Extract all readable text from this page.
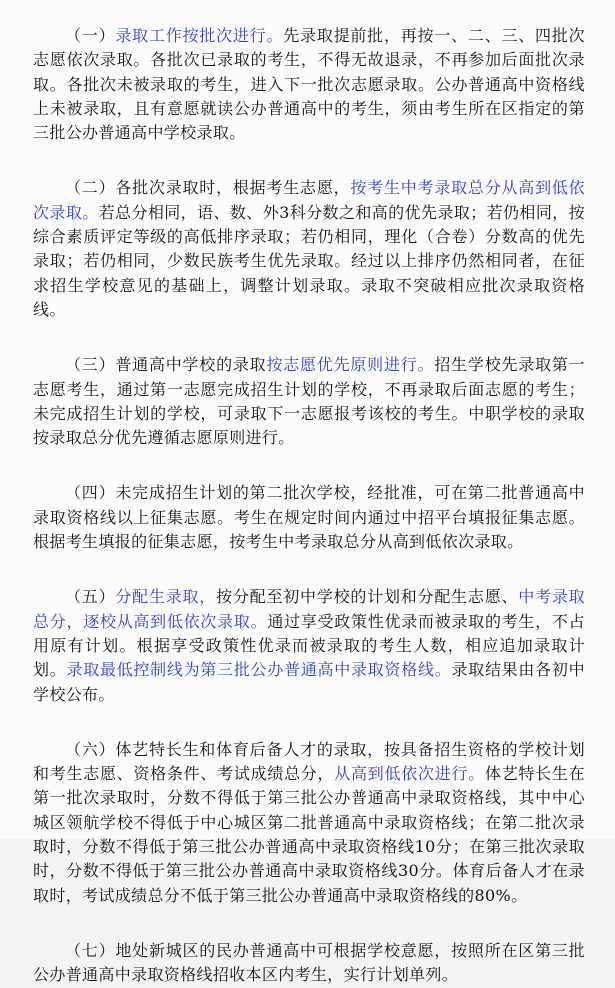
（一）录取工作按批次进行。先录取提前批，再按一、二、三、四批次志愿依次录取。各批次已录取的考生，不得无故退录，不再参加后面批次录取。各批次未被录取的考生，进入下一批次志愿录取。公办普通高中资格线上未被录取，且有意愿就读公办普通高中的考生，须由考生所在区指定的第三批公办普通高中学校录取。

（二）各批次录取时，根据考生志愿，按考生中考录取总分从高到低依次录取。若总分相同，语、数、外3科分数之和高的优先录取；若仍相同，按综合素质评定等级的高低排序录取；若仍相同，理化（合卷）分数高的优先录取；若仍相同，少数民族考生优先录取。经过以上排序仍然相同者，在征求招生学校意见的基础上，调整计划录取。录取不突破相应批次录取资格线。

（三）普通高中学校的录取按志愿优先原则进行。招生学校先录取第一志愿考生，通过第一志愿完成招生计划的学校，不再录取后面志愿的考生；未完成招生计划的学校，可录取下一志愿报考该校的考生。中职学校的录取按录取总分优先遵循志愿原则进行。

（四）未完成招生计划的第二批次学校，经批准，可在第二批普通高中录取资格线以上征集志愿。考生在规定时间内通过中招平台填报征集志愿。根据考生填报的征集志愿，按考生中考录取总分从高到低依次录取。

（五）分配生录取，按分配至初中学校的计划和分配生志愿、中考录取总分，逐校从高到低依次录取。通过享受政策性优录而被录取的考生，不占用原有计划。根据享受政策性优录而被录取的考生人数，相应追加录取计划。录取最低控制线为第三批公办普通高中录取资格线。录取结果由各初中学校公布。

（六）体艺特长生和体育后备人才的录取，按具备招生资格的学校计划和考生志愿、资格条件、考试成绩总分，从高到低依次进行。体艺特长生在第一批次录取时，分数不得低于第三批公办普通高中录取资格线，其中中心城区领航学校不得低于中心城区第二批普通高中录取资格线；在第二批次录取时，分数不得低于第三批公办普通高中录取资格线10分；在第三批次录取时，分数不得低于第三批公办普通高中录取资格线30分。体育后备人才在录取时，考试成绩总分不低于第三批公办普通高中录取资格线的80%。

（七）地处新城区的民办普通高中可根据学校意愿，按照所在区第三批公办普通高中录取资格线招收本区内考生，实行计划单列。
